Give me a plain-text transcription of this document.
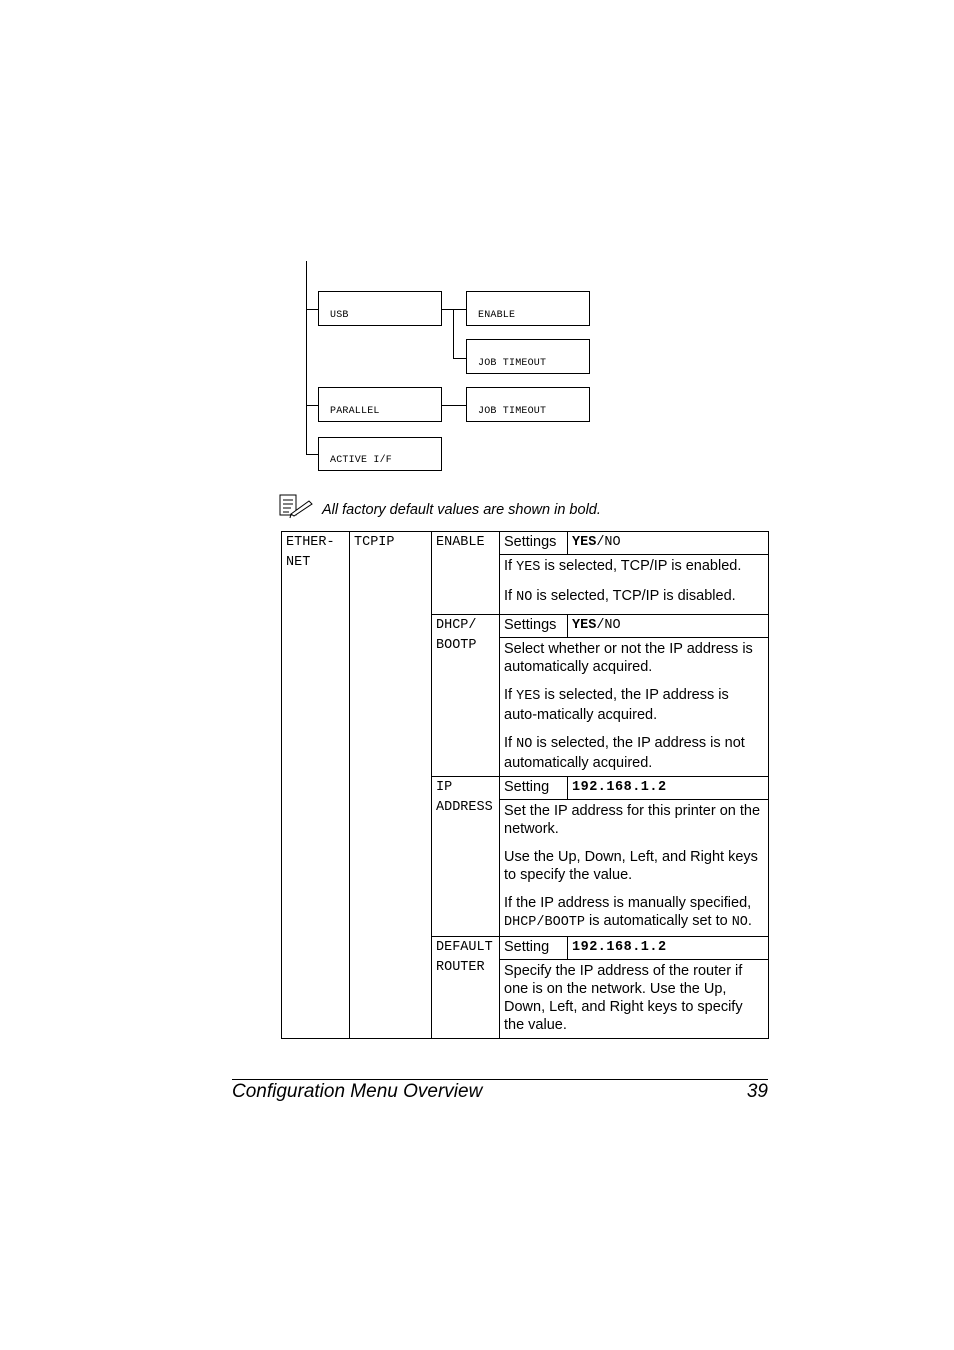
USB	ENABLE
JOB TIMEOUT
PARALLEL	JOB TIMEOUT
ACTIVE I/F
All factory default values are shown in bold.
ETHER-
NET	TCPIP	ENABLE	Settings	YES/NO

			If YES is selected, TCP/IP is enabled.

If NO is selected, TCP/IP is disabled.	

		DHCP/
BOOTP	Settings	YES/NO

			Select whether or not the IP address is automatically acquired.

If YES is selected, the IP address is auto-matically acquired.

If NO is selected, the IP address is not automatically acquired.	

		IP
ADDRESS	Setting	192.168.1.2

			Set the IP address for this printer on the network.

Use the Up, Down, Left, and Right keys to specify the value.

If the IP address is manually specified, DHCP/BOOTP is automatically set to NO.	

		DEFAULT
ROUTER	Setting	192.168.1.2

			Specify the IP address of the router if one is on the network. Use the Up, Down, Left, and Right keys to specify the value.	

Configuration Menu Overview	39
